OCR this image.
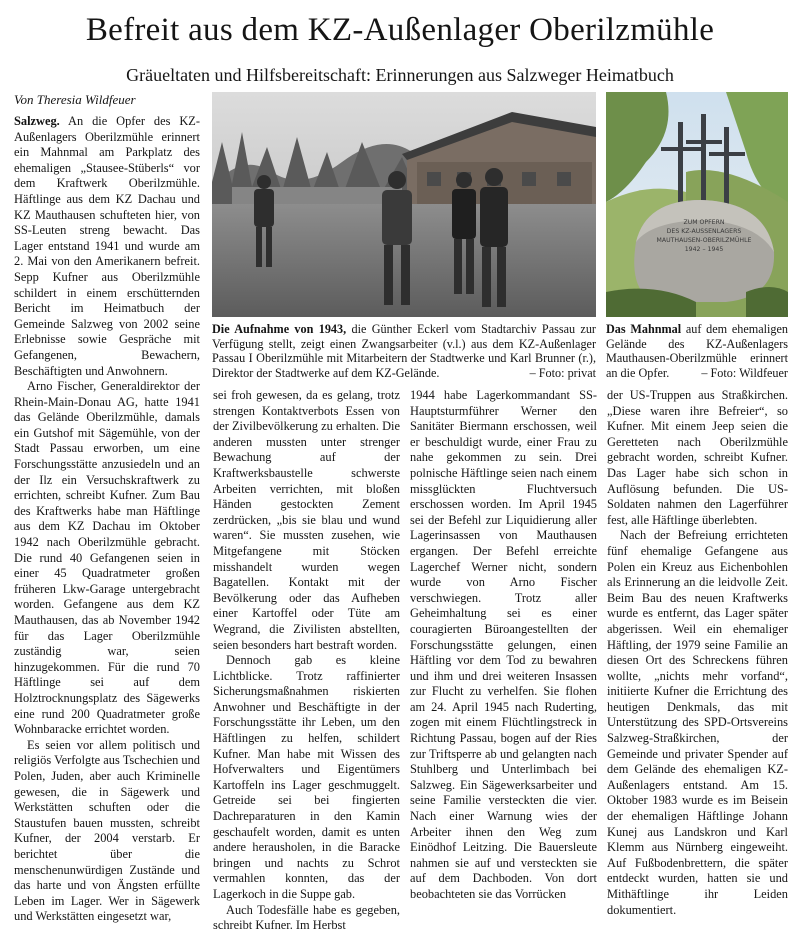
Befreit aus dem KZ-Außenlager Oberilzmühle
Gräueltaten und Hilfsbereitschaft: Erinnerungen aus Salzweger Heimatbuch
Von Theresia Wildfeuer

Salzweg. An die Opfer des KZ-Außenlagers Oberilzmühle erinnert ein Mahnmal am Parkplatz des ehemaligen „Stausee-Stüberls“ vor dem Kraftwerk Oberilzmühle. Häftlinge aus dem KZ Dachau und KZ Mauthausen schufteten hier, von SS-Leuten streng bewacht. Das Lager entstand 1941 und wurde am 2. Mai von den Amerikanern befreit. Sepp Kufner aus Oberilzmühle schildert in einem erschütternden Bericht im Heimatbuch der Gemeinde Salzweg von 2002 seine Erlebnisse sowie Gespräche mit Gefangenen, Bewachern, Beschäftigten und Anwohnern.

Arno Fischer, Generaldirektor der Rhein-Main-Donau AG, hatte 1941 das Gelände Oberilzmühle, damals ein Gutshof mit Sägemühle, von der Stadt Passau erworben, um eine Forschungsstätte anzusiedeln und an der Ilz ein Versuchskraftwerk zu errichten, schreibt Kufner. Zum Bau des Kraftwerks habe man Häftlinge aus dem KZ Dachau im Oktober 1942 nach Oberilzmühle gebracht. Die rund 40 Gefangenen seien in einer 45 Quadratmeter großen früheren Lkw-Garage untergebracht worden. Gefangene aus dem KZ Mauthausen, das ab November 1942 für das Lager Oberilzmühle zuständig war, seien hinzugekommen. Für die rund 70 Häftlinge sei auf dem Holztrocknungsplatz des Sägewerks eine rund 200 Quadratmeter große Wohnbaracke errichtet worden.

Es seien vor allem politisch und religiös Verfolgte aus Tschechien und Polen, Juden, aber auch Kriminelle gewesen, die in Sägewerk und Werkstätten schuften oder die Staustufen bauen mussten, schreibt Kufner, der 2004 verstarb. Er berichtet über die menschenunwürdigen Zustände und das harte und von Ängsten erfüllte Leben im Lager. Wer in Sägewerk und Werkstätten eingesetzt war,

Die Aufnahme von 1943, die Günther Eckerl vom Stadtarchiv Passau zur Verfügung stellt, zeigt einen Zwangsarbeiter (v.l.) aus dem KZ-Außenlager Passau I Oberilzmühle mit Mitarbeitern der Stadtwerke und Karl Brunner (r.), Direktor der Stadtwerke auf dem KZ-Gelände.	– Foto: privat
ZUM OPFERN
DES KZ-AUSSENLAGERS
MAUTHAUSEN-OBERILZMÜHLE
1942 – 1945
Das Mahnmal auf dem ehemaligen Gelände des KZ-Außenlagers Mauthausen-Oberilzmühle erinnert an die Opfer.	– Foto: Wildfeuer

sei froh gewesen, da es gelang, trotz strengen Kontaktverbots Essen von der Zivilbevölkerung zu erhalten. Die anderen mussten unter strenger Bewachung auf der Kraftwerksbaustelle schwerste Arbeiten verrichten, mit bloßen Händen gestockten Zement zerdrücken, „bis sie blau und wund waren“. Sie mussten zusehen, wie Mitgefangene mit Stöcken misshandelt wurden wegen Bagatellen. Kontakt mit der Bevölkerung oder das Aufheben einer Kartoffel oder Tüte am Wegrand, die Zivilisten abstellten, seien besonders hart bestraft worden.

Dennoch gab es kleine Lichtblicke. Trotz raffinierter Sicherungsmaßnahmen riskierten Anwohner und Beschäftigte in der Forschungsstätte ihr Leben, um den Häftlingen zu helfen, schildert Kufner. Man habe mit Wissen des Hofverwalters und Eigentümers Kartoffeln ins Lager geschmuggelt. Getreide sei bei fingierten Dachreparaturen in den Kamin geschaufelt worden, damit es unten andere herausholen, in die Baracke bringen und nachts zu Schrot vermahlen konnten, das der Lagerkoch in die Suppe gab.

Auch Todesfälle habe es gegeben, schreibt Kufner. Im Herbst

1944 habe Lagerkommandant SS-Hauptsturmführer Werner den Sanitäter Biermann erschossen, weil er beschuldigt wurde, einer Frau zu nahe gekommen zu sein. Drei polnische Häftlinge seien nach einem missglückten Fluchtversuch erschossen worden. Im April 1945 sei der Befehl zur Liquidierung aller Lagerinsassen von Mauthausen ergangen. Der Befehl erreichte Lagerchef Werner nicht, sondern wurde von Arno Fischer verschwiegen. Trotz aller Geheimhaltung sei es einer couragierten Büroangestellten der Forschungsstätte gelungen, einen Häftling vor dem Tod zu bewahren und ihm und drei weiteren Insassen zur Flucht zu verhelfen. Sie flohen am 24. April 1945 nach Ruderting, zogen mit einem Flüchtlingstreck in Richtung Passau, bogen auf der Ries zur Triftsperre ab und gelangten nach Stuhlberg und Unterlimbach bei Salzweg. Ein Sägewerksarbeiter und seine Familie versteckten die vier. Nach einer Warnung wies der Arbeiter ihnen den Weg zum Einödhof Leitzing. Die Bauersleute nahmen sie auf und versteckten sie auf dem Dachboden. Von dort beobachteten sie das Vorrücken

der US-Truppen aus Straßkirchen. „Diese waren ihre Befreier“, so Kufner. Mit einem Jeep seien die Geretteten nach Oberilzmühle gebracht worden, schreibt Kufner. Das Lager habe sich schon in Auflösung befunden. Die US-Soldaten nahmen den Lagerführer fest, alle Häftlinge überlebten.

Nach der Befreiung errichteten fünf ehemalige Gefangene aus Polen ein Kreuz aus Eichenbohlen als Erinnerung an die leidvolle Zeit. Beim Bau des neuen Kraftwerks wurde es entfernt, das Lager später abgerissen. Weil ein ehemaliger Häftling, der 1979 seine Familie an diesen Ort des Schreckens führen wollte, „nichts mehr vorfand“, initiierte Kufner die Errichtung des heutigen Denkmals, das mit Unterstützung des SPD-Ortsvereins Salzweg-Straßkirchen, der Gemeinde und privater Spender auf dem Gelände des ehemaligen KZ-Außenlagers entstand. Am 15. Oktober 1983 wurde es im Beisein der ehemaligen Häftlinge Johann Kunej aus Landskron und Karl Klemm aus Nürnberg eingeweiht. Auf Fußbodenbrettern, die später entdeckt wurden, hatten sie und Mithäftlinge ihr Leiden dokumentiert.
